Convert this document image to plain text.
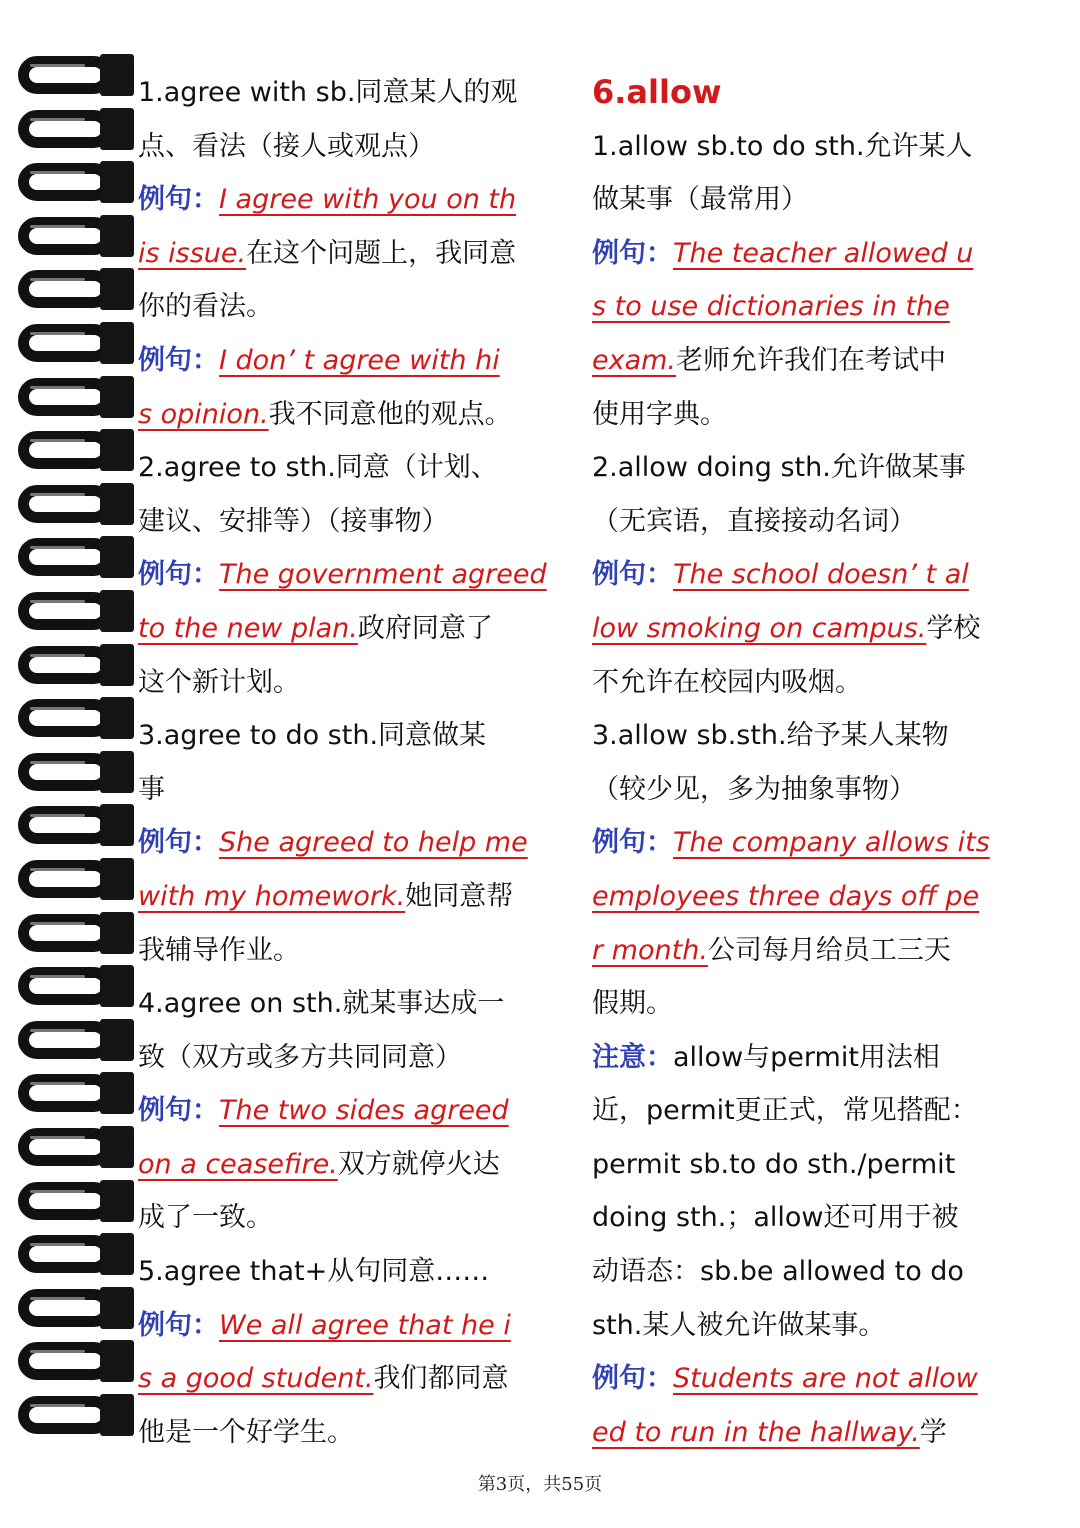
1.agree with sb.同意某人的观
点、看法（接人或观点）
例句：I agree with you on th
is issue.在这个问题上，我同意
你的看法。
例句：I don’ t agree with hi
s opinion.我不同意他的观点。
2.agree to sth.同意（计划、
建议、安排等）（接事物）
例句：The government agreed
to the new plan.政府同意了
这个新计划。
3.agree to do sth.同意做某
事
例句：She agreed to help me
with my homework.她同意帮
我辅导作业。
4.agree on sth.就某事达成一
致（双方或多方共同同意）
例句：The two sides agreed
on a ceasefire.双方就停火达
成了一致。
5.agree that+从句同意……
例句：We all agree that he i
s a good student.我们都同意
他是一个好学生。
6.allow
1.allow sb.to do sth.允许某人
做某事（最常用）
例句：The teacher allowed u
s to use dictionaries in the
exam.老师允许我们在考试中
使用字典。
2.allow doing sth.允许做某事
（无宾语，直接接动名词）
例句：The school doesn’ t al
low smoking on campus.学校
不允许在校园内吸烟。
3.allow sb.sth.给予某人某物
（较少见，多为抽象事物）
例句：The company allows its
employees three days off pe
r month.公司每月给员工三天
假期。
注意：allow与permit用法相
近，permit更正式，常见搭配：
permit sb.to do sth./permit
doing sth.；allow还可用于被
动语态：sb.be allowed to do
sth.某人被允许做某事。
例句：Students are not allow
ed to run in the hallway.学
第3页，共55页
